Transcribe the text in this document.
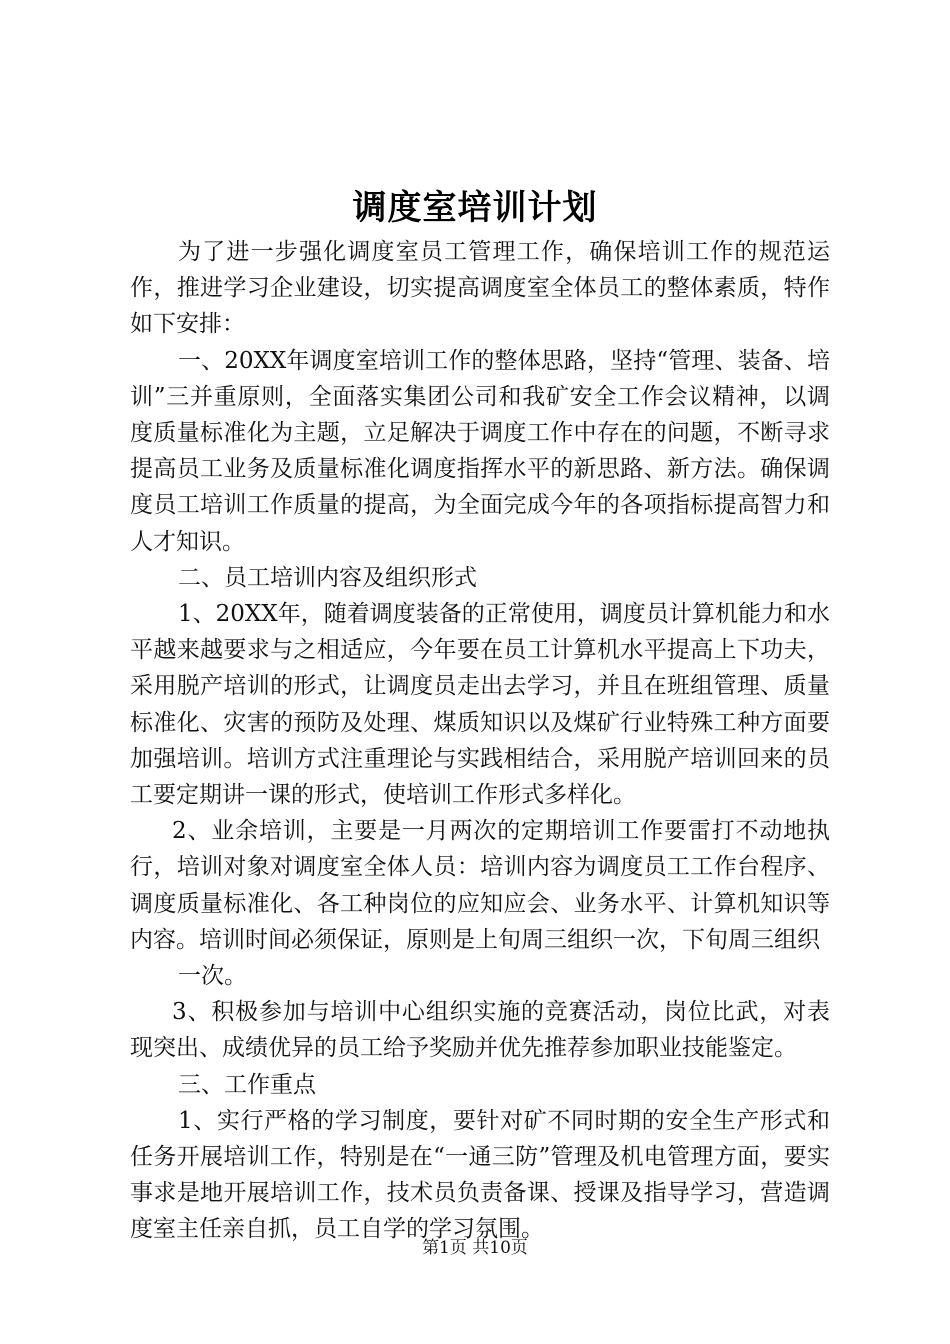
调度室培训计划

为了进一步强化调度室员工管理工作，确保培训工作的规范运作，推进学习企业建设，切实提高调度室全体员工的整体素质，特作如下安排：

一、20XX年调度室培训工作的整体思路，坚持“管理、装备、培训”三并重原则，全面落实集团公司和我矿安全工作会议精神，以调度质量标准化为主题，立足解决于调度工作中存在的问题，不断寻求提高员工业务及质量标准化调度指挥水平的新思路、新方法。确保调度员工培训工作质量的提高，为全面完成今年的各项指标提高智力和人才知识。

二、员工培训内容及组织形式

1、20XX年，随着调度装备的正常使用，调度员计算机能力和水平越来越要求与之相适应，今年要在员工计算机水平提高上下功夫，采用脱产培训的形式，让调度员走出去学习，并且在班组管理、质量标准化、灾害的预防及处理、煤质知识以及煤矿行业特殊工种方面要加强培训。培训方式注重理论与实践相结合，采用脱产培训回来的员工要定期讲一课的形式，使培训工作形式多样化。

2、业余培训，主要是一月两次的定期培训工作要雷打不动地执行，培训对象对调度室全体人员：培训内容为调度员工工作台程序、调度质量标准化、各工种岗位的应知应会、业务水平、计算机知识等内容。培训时间必须保证，原则是上旬周三组织一次，下旬周三组织

一次。

3、积极参加与培训中心组织实施的竞赛活动，岗位比武，对表现突出、成绩优异的员工给予奖励并优先推荐参加职业技能鉴定。

三、工作重点

1、实行严格的学习制度，要针对矿不同时期的安全生产形式和任务开展培训工作，特别是在“一通三防”管理及机电管理方面，要实事求是地开展培训工作，技术员负责备课、授课及指导学习，营造调度室主任亲自抓，员工自学的学习氛围。

第1页 共10页
